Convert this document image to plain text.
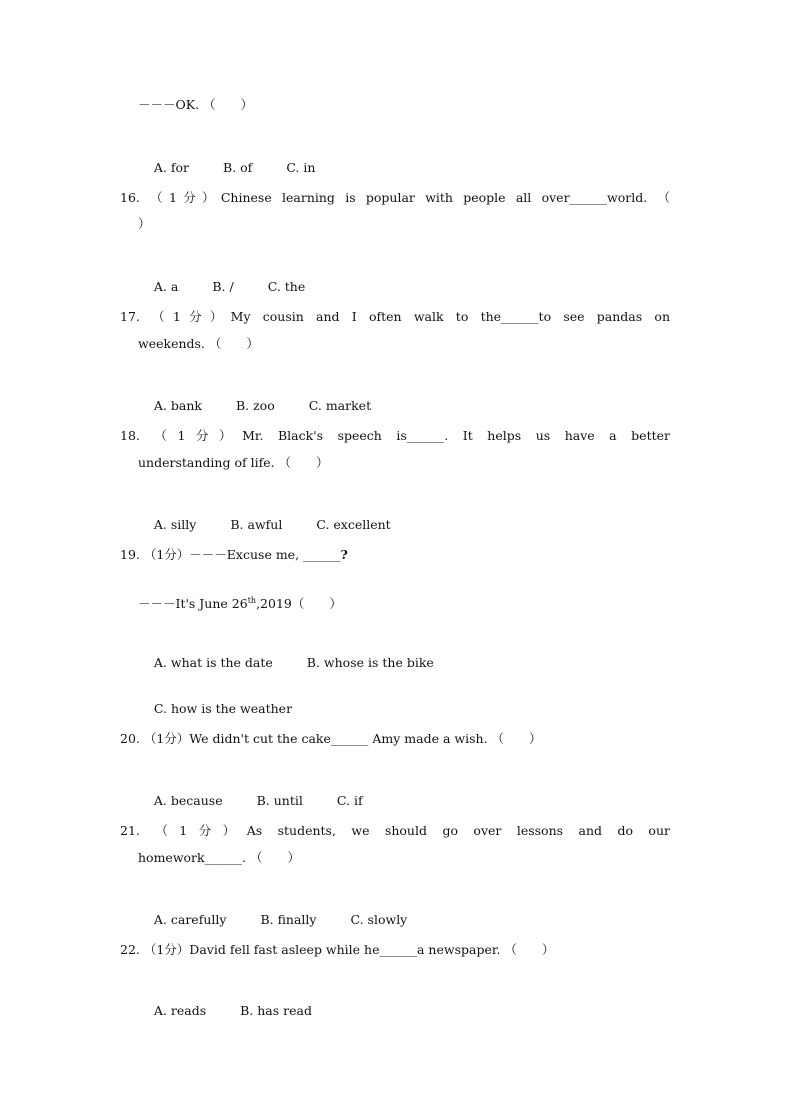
－－－OK. （　　）

A. for	B. of	C. in

16. （1分）Chinese learning is popular with people all over______world. （
）

A. a	B. /	C. the

17. （1分）My cousin and I often walk to the______to see pandas on
weekends. （　　）

A. bank	B. zoo	C. market

18. （1分）Mr. Black's speech is______. It helps us have a better
understanding of life. （　　）

A. silly	B. awful	C. excellent

19. （1分）－－－Excuse me, ______?
－－－It's June 26th,2019（　　）

A. what is the date	B. whose is the bike

C. how is the weather

20. （1分）We didn't cut the cake______ Amy made a wish. （　　）

A. because	B. until	C. if

21. （1分）As students, we should go over lessons and do our
homework______. （　　）

A. carefully	B. finally	C. slowly

22. （1分）David fell fast asleep while he______a newspaper. （　　）

A. reads	B. has read
